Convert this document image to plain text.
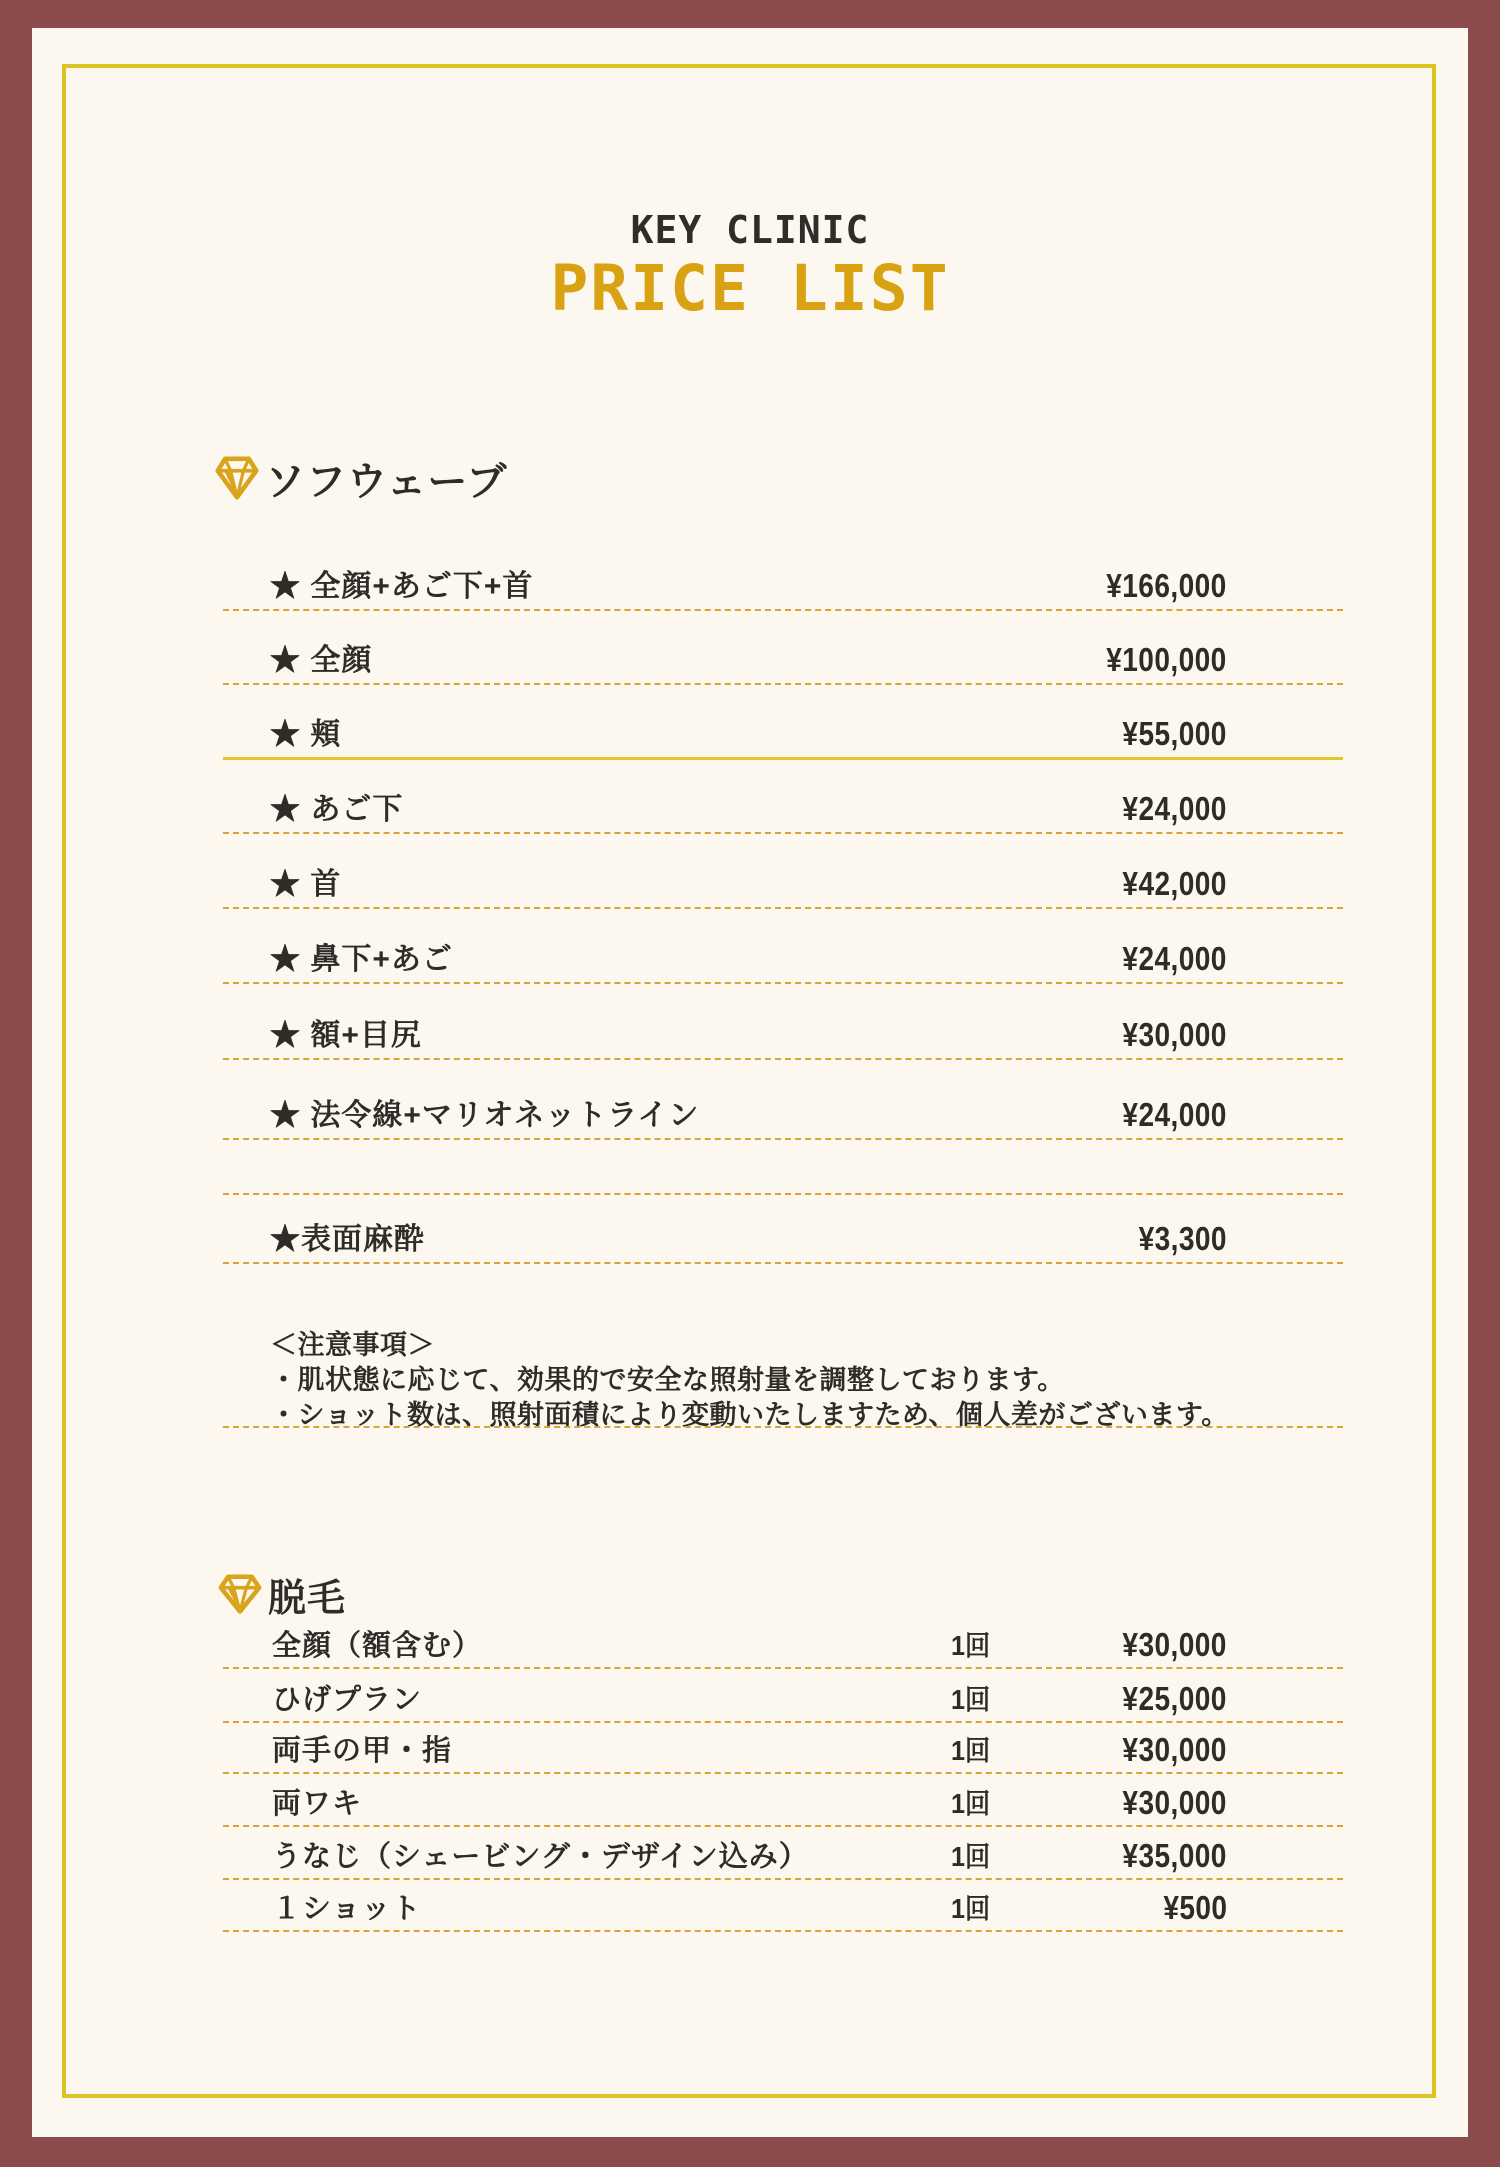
KEY CLINIC
PRICE LIST
ソフウェーブ
★ 全顔+あご下+首	¥166,000
★ 全顔	¥100,000
★ 頬	¥55,000
★ あご下	¥24,000
★ 首	¥42,000
★ 鼻下+あご	¥24,000
★ 額+目尻	¥30,000
★ 法令線+マリオネットライン	¥24,000
★表面麻酔	¥3,300
＜注意事項＞
・肌状態に応じて、効果的で安全な照射量を調整しております。
・ショット数は、照射面積により変動いたしますため、個人差がございます。
脱毛
全顔（額含む）	1回	¥30,000
ひげプラン	1回	¥25,000
両手の甲・指	1回	¥30,000
両ワキ	1回	¥30,000
うなじ（シェービング・デザイン込み）	1回	¥35,000
１ショット	1回	¥500
